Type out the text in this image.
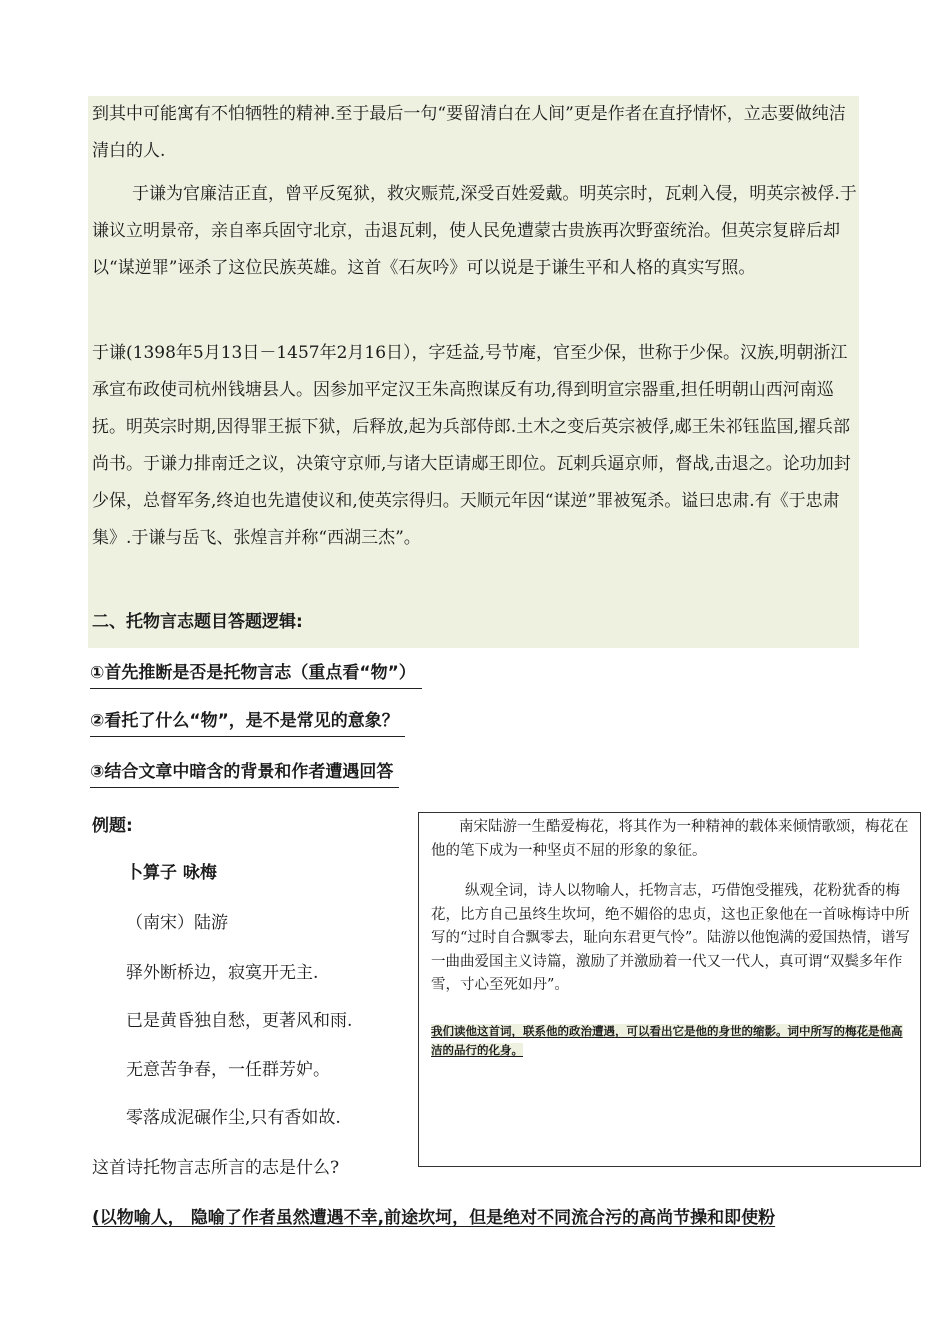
到其中可能寓有不怕牺牲的精神.至于最后一句“要留清白在人间”更是作者在直抒情怀，立志要做纯洁清白的人.
于谦为官廉洁正直，曾平反冤狱，救灾赈荒,深受百姓爱戴。明英宗时，瓦剌入侵，明英宗被俘.于谦议立明景帝，亲自率兵固守北京，击退瓦剌，使人民免遭蒙古贵族再次野蛮统治。但英宗复辟后却以“谋逆罪”诬杀了这位民族英雄。这首《石灰吟》可以说是于谦生平和人格的真实写照。
于谦(1398年5月13日－1457年2月16日），字廷益,号节庵，官至少保，世称于少保。汉族,明朝浙江承宣布政使司杭州钱塘县人。因参加平定汉王朱高煦谋反有功,得到明宣宗器重,担任明朝山西河南巡抚。明英宗时期,因得罪王振下狱，后释放,起为兵部侍郎.土木之变后英宗被俘,郕王朱祁钰监国,擢兵部尚书。于谦力排南迁之议，决策守京师,与诸大臣请郕王即位。瓦剌兵逼京师，督战,击退之。论功加封少保，总督军务,终迫也先遣使议和,使英宗得归。天顺元年因“谋逆”罪被冤杀。谥曰忠肃.有《于忠肃集》.于谦与岳飞、张煌言并称“西湖三杰”。
二、托物言志题目答题逻辑:
①首先推断是否是托物言志（重点看“物”）
②看托了什么“物”，是不是常见的意象？
③结合文章中暗含的背景和作者遭遇回答
例题:
卜算子 咏梅
（南宋）陆游
驿外断桥边，寂寞开无主.
已是黄昏独自愁，更著风和雨.
无意苦争春，一任群芳妒。
零落成泥碾作尘,只有香如故.
这首诗托物言志所言的志是什么?
(以物喻人， 隐喻了作者虽然遭遇不幸,前途坎坷，但是绝对不同流合污的高尚节操和即使粉
南宋陆游一生酷爱梅花，将其作为一种精神的载体来倾情歌颂，梅花在他的笔下成为一种坚贞不屈的形象的象征。
纵观全词，诗人以物喻人，托物言志，巧借饱受摧残，花粉犹香的梅花，比方自己虽终生坎坷，绝不媚俗的忠贞，这也正象他在一首咏梅诗中所写的“过时自合飘零去，耻向东君更气怜”。陆游以他饱满的爱国热情，谱写一曲曲爱国主义诗篇，激励了并激励着一代又一代人，真可谓“双鬓多年作雪，寸心至死如丹”。
我们读他这首词，联系他的政治遭遇，可以看出它是他的身世的缩影。词中所写的梅花是他高洁的品行的化身。
